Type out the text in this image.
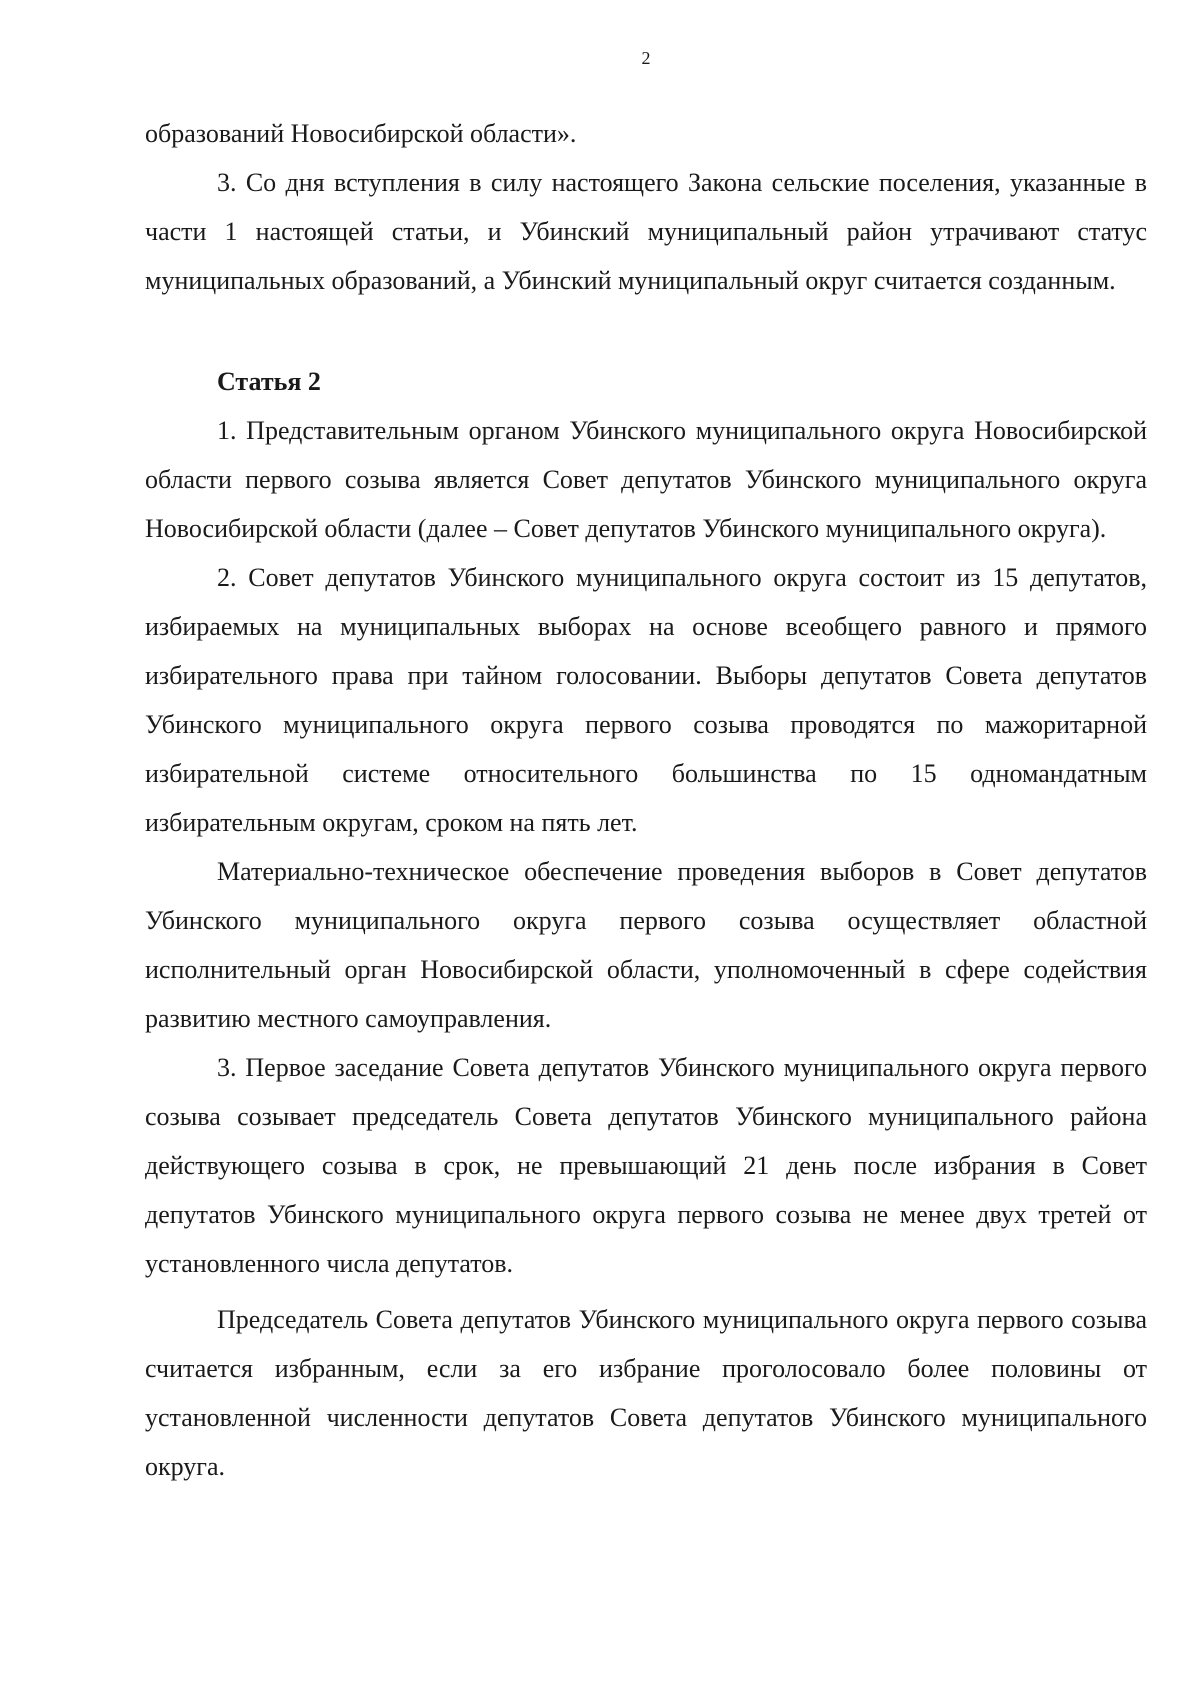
2

образований Новосибирской области».

3. Со дня вступления в силу настоящего Закона сельские поселения, указанные в части 1 настоящей статьи, и Убинский муниципальный район утрачивают статус муниципальных образований, а Убинский муниципальный округ считается созданным.

Статья 2

1. Представительным органом Убинского муниципального округа Новосибирской области первого созыва является Совет депутатов Убинского муниципального округа Новосибирской области (далее – Совет депутатов Убинского муниципального округа).

2. Совет депутатов Убинского муниципального округа состоит из 15 депутатов, избираемых на муниципальных выборах на основе всеобщего равного и прямого избирательного права при тайном голосовании. Выборы депутатов Совета депутатов Убинского муниципального округа первого созыва проводятся по мажоритарной избирательной системе относительного большинства по 15 одномандатным избирательным округам, сроком на пять лет.

Материально-техническое обеспечение проведения выборов в Совет депутатов Убинского муниципального округа первого созыва осуществляет областной исполнительный орган Новосибирской области, уполномоченный в сфере содействия развитию местного самоуправления.

3. Первое заседание Совета депутатов Убинского муниципального округа первого созыва созывает председатель Совета депутатов Убинского муниципального района действующего созыва в срок, не превышающий 21 день после избрания в Совет депутатов Убинского муниципального округа первого созыва не менее двух третей от установленного числа депутатов.

Председатель Совета депутатов Убинского муниципального округа первого созыва считается избранным, если за его избрание проголосовало более половины от установленной численности депутатов Совета депутатов Убинского муниципального округа.
